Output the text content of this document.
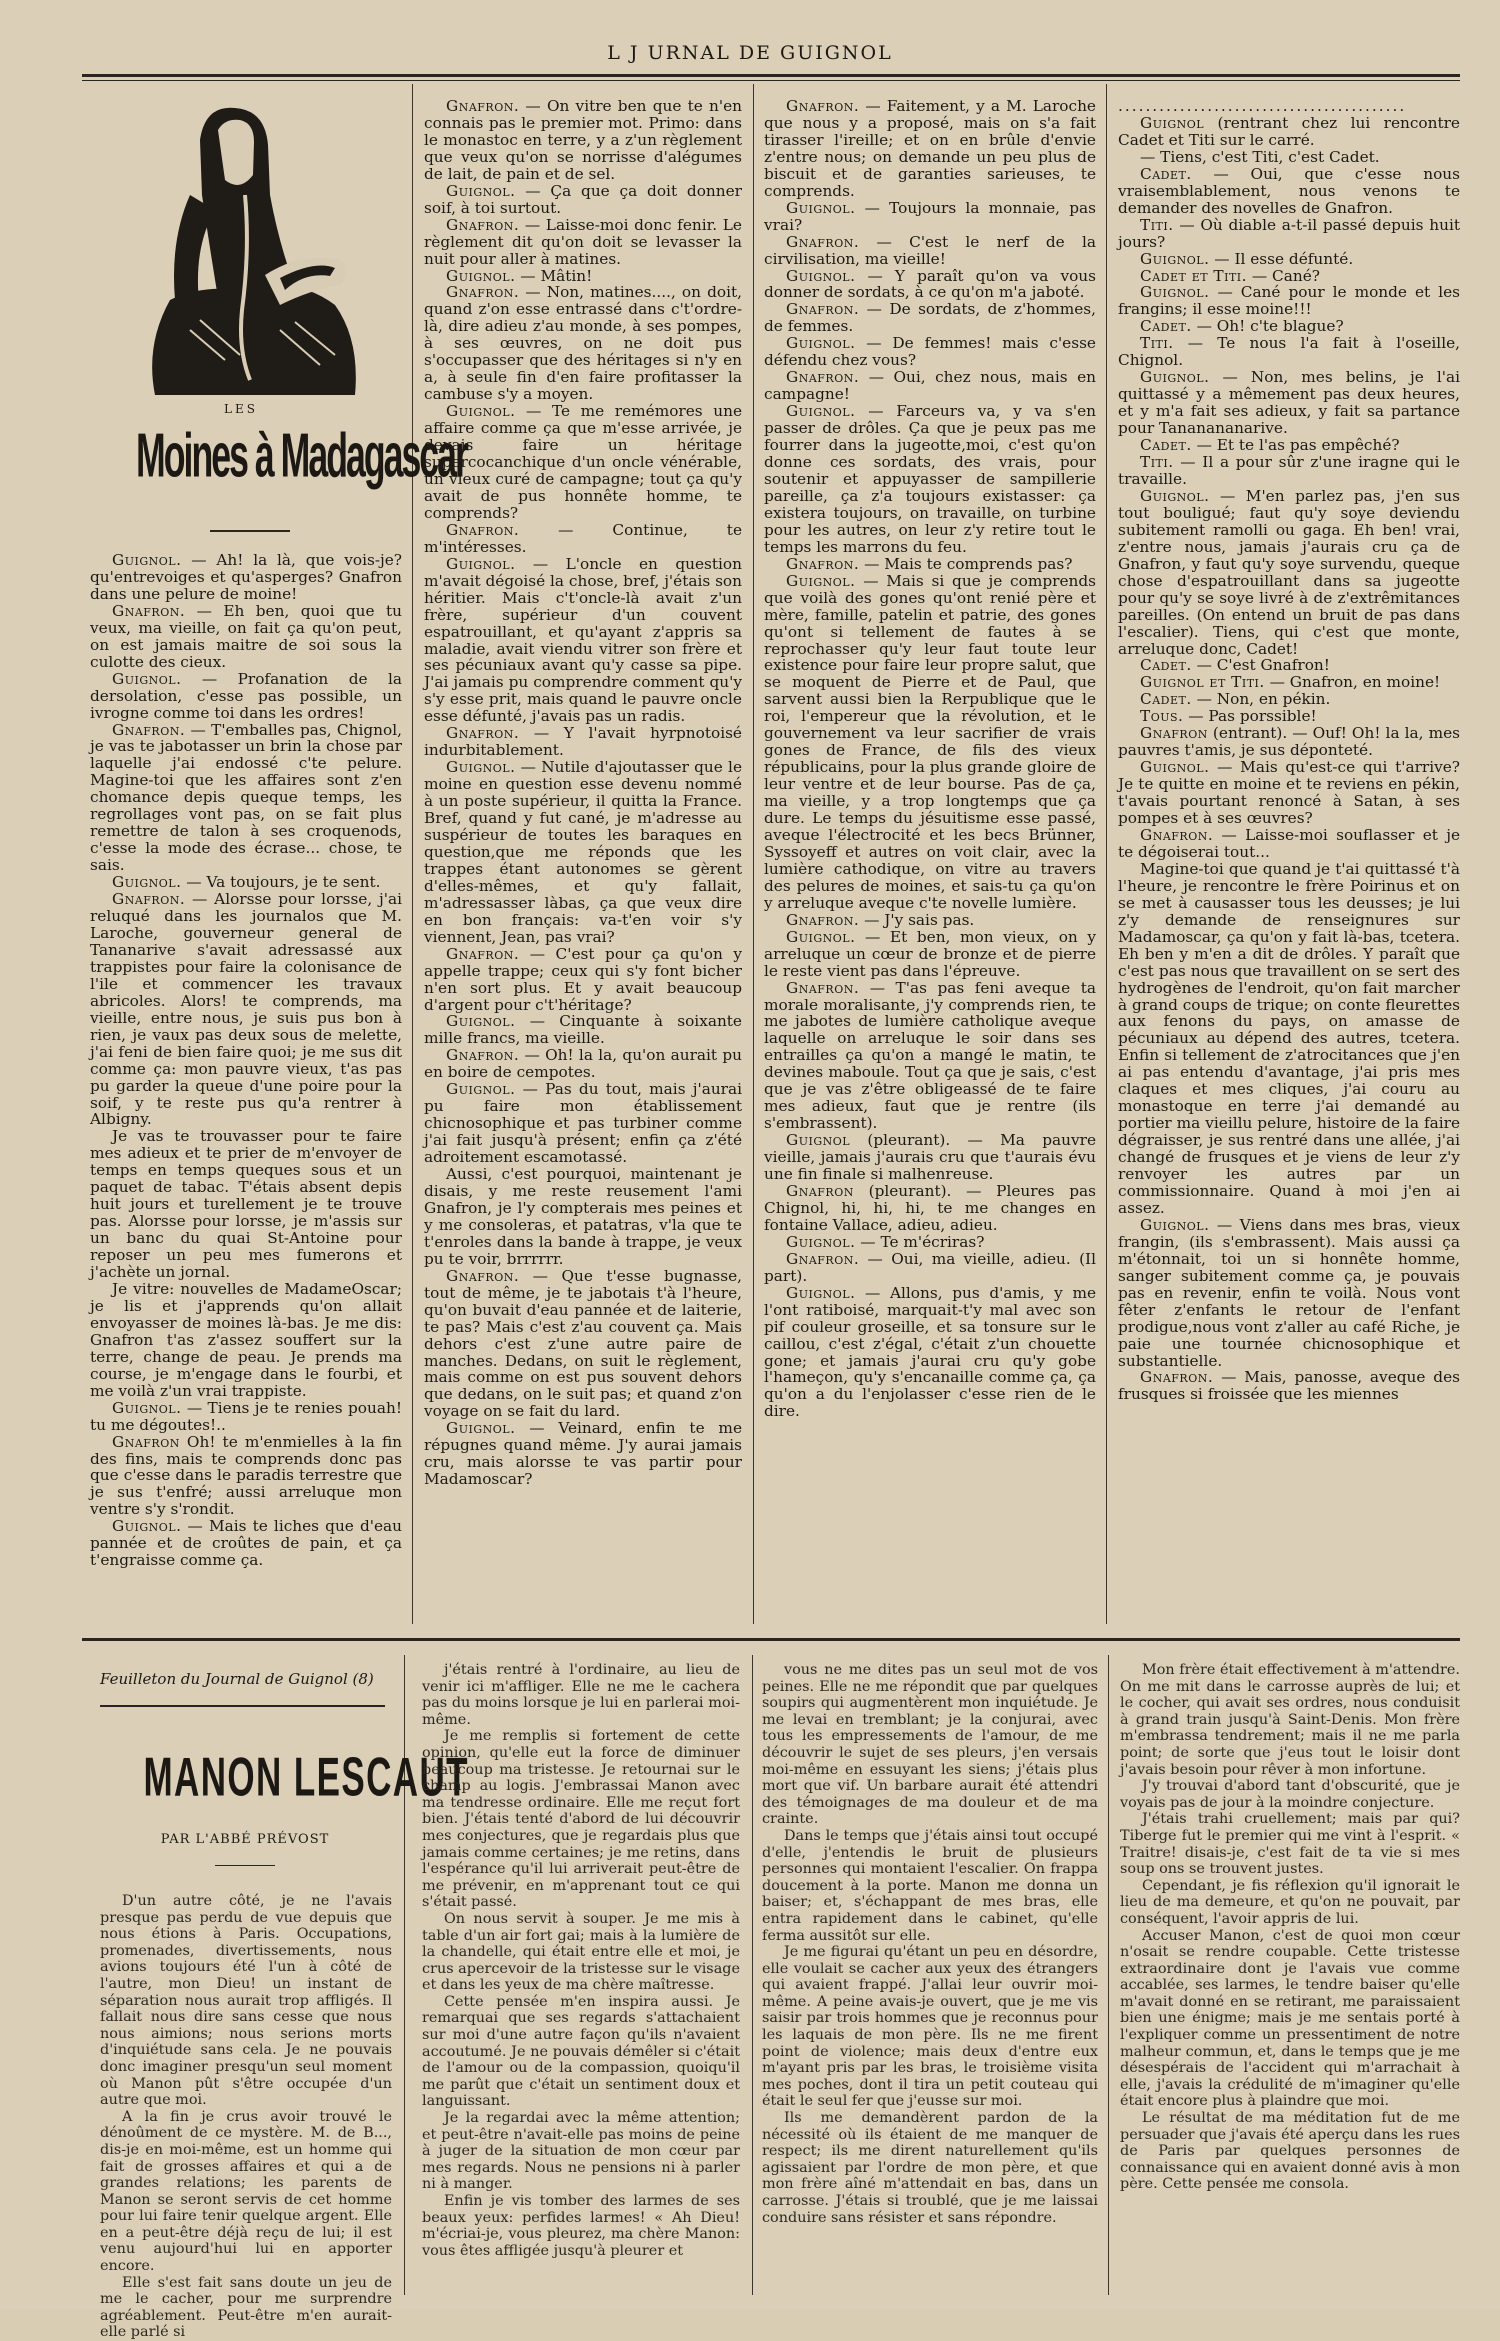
L J URNAL DE GUIGNOL
LES
Moines à Madagascar

Guignol. — Ah! la là, que vois-je? qu'entrevoiges et qu'asperges? Gnafron dans une pelure de moine!

Gnafron. — Eh ben, quoi que tu veux, ma vieille, on fait ça qu'on peut, on est jamais maitre de soi sous la culotte des cieux.

Guignol. — Profanation de la dersolation, c'esse pas possible, un ivrogne comme toi dans les ordres!

Gnafron. — T'emballes pas, Chignol, je vas te jabotasser un brin la chose par laquelle j'ai endossé c'te pelure. Magine-toi que les affaires sont z'en chomance depis queque temps, les regrollages vont pas, on se fait plus remettre de talon à ses croquenods, c'esse la mode des écrase... chose, te sais.

Guignol. — Va toujours, je te sent.

Gnafron. — Alorsse pour lorsse, j'ai reluqué dans les journalos que M. Laroche, gouverneur general de Tananarive s'avait adressassé aux trappistes pour faire la colonisance de l'ile et commencer les travaux abricoles. Alors! te comprends, ma vieille, entre nous, je suis pus bon à rien, je vaux pas deux sous de melette, j'ai feni de bien faire quoi; je me sus dit comme ça: mon pauvre vieux, t'as pas pu garder la queue d'une poire pour la soif, y te reste pus qu'a rentrer à Albigny.

Je vas te trouvasser pour te faire mes adieux et te prier de m'envoyer de temps en temps queques sous et un paquet de tabac. T'étais absent depis huit jours et turellement je te trouve pas. Alorsse pour lorsse, je m'assis sur un banc du quai St-Antoine pour reposer un peu mes fumerons et j'achète un jornal.

Je vitre: nouvelles de MadameOscar; je lis et j'apprends qu'on allait envoyasser de moines là-bas. Je me dis: Gnafron t'as z'assez souffert sur la terre, change de peau. Je prends ma course, je m'engage dans le fourbi, et me voilà z'un vrai trappiste.

Guignol. — Tiens je te renies pouah! tu me dégoutes!..

Gnafron Oh! te m'enmielles à la fin des fins, mais te comprends donc pas que c'esse dans le paradis terrestre que je sus t'enfré; aussi arreluque mon ventre s'y s'rondit.

Guignol. — Mais te liches que d'eau pannée et de croûtes de pain, et ça t'engraisse comme ça.

Gnafron. — On vitre ben que te n'en connais pas le premier mot. Primo: dans le monastoc en terre, y a z'un règlement que veux qu'on se norrisse d'alégumes de lait, de pain et de sel.

Guignol. — Ça que ça doit donner soif, à toi surtout.

Gnafron. — Laisse-moi donc fenir. Le règlement dit qu'on doit se levasser la nuit pour aller à matines.

Guignol. — Mâtin!

Gnafron. — Non, matines...., on doit, quand z'on esse entrassé dans c't'ordre-là, dire adieu z'au monde, à ses pompes, à ses œuvres, on ne doit pus s'occupasser que des héritages si n'y en a, à seule fin d'en faire profitasser la cambuse s'y a moyen.

Guignol. — Te me remémores une affaire comme ça que m'esse arrivée, je devais faire un héritage supercocanchique d'un oncle vénérable, un vieux curé de campagne; tout ça qu'y avait de pus honnête homme, te comprends?

Gnafron. — Continue, te m'intéresses.

Guignol. — L'oncle en question m'avait dégoisé la chose, bref, j'étais son héritier. Mais c't'oncle-là avait z'un frère, supérieur d'un couvent espatrouillant, et qu'ayant z'appris sa maladie, avait viendu vitrer son frère et ses pécuniaux avant qu'y casse sa pipe. J'ai jamais pu comprendre comment qu'y s'y esse prit, mais quand le pauvre oncle esse défunté, j'avais pas un radis.

Gnafron. — Y l'avait hyrpnotoisé indurbitablement.

Guignol. — Nutile d'ajoutasser que le moine en question esse devenu nommé à un poste supérieur, il quitta la France. Bref, quand y fut cané, je m'adresse au suspérieur de toutes les baraques en question,que me réponds que les trappes étant autonomes se gèrent d'elles-mêmes, et qu'y fallait, m'adressasser làbas, ça que veux dire en bon français: va-t'en voir s'y viennent, Jean, pas vrai?

Gnafron. — C'est pour ça qu'on y appelle trappe; ceux qui s'y font bicher n'en sort plus. Et y avait beaucoup d'argent pour c't'héritage?

Guignol. — Cinquante à soixante mille francs, ma vieille.

Gnafron. — Oh! la la, qu'on aurait pu en boire de cempotes.

Guignol. — Pas du tout, mais j'aurai pu faire mon établissement chicnosophique et pas turbiner comme j'ai fait jusqu'à présent; enfin ça z'été adroitement escamotassé.

Aussi, c'est pourquoi, maintenant je disais, y me reste reusement l'ami Gnafron, je l'y compterais mes peines et y me consoleras, et patatras, v'la que te t'enroles dans la bande à trappe, je veux pu te voir, brrrrrr.

Gnafron. — Que t'esse bugnasse, tout de même, je te jabotais t'à l'heure, qu'on buvait d'eau pannée et de laiterie, te pas? Mais c'est z'au couvent ça. Mais dehors c'est z'une autre paire de manches. Dedans, on suit le règlement, mais comme on est pus souvent dehors que dedans, on le suit pas; et quand z'on voyage on se fait du lard.

Guignol. — Veinard, enfin te me répugnes quand même. J'y aurai jamais cru, mais alorsse te vas partir pour Madamoscar?

Gnafron. — Faitement, y a M. Laroche que nous y a proposé, mais on s'a fait tirasser l'ireille; et on en brûle d'envie z'entre nous; on demande un peu plus de biscuit et de garanties sarieuses, te comprends.

Guignol. — Toujours la monnaie, pas vrai?

Gnafron. — C'est le nerf de la cirvilisation, ma vieille!

Guignol. — Y paraît qu'on va vous donner de sordats, à ce qu'on m'a jaboté.

Gnafron. — De sordats, de z'hommes, de femmes.

Guignol. — De femmes! mais c'esse défendu chez vous?

Gnafron. — Oui, chez nous, mais en campagne!

Guignol. — Farceurs va, y va s'en passer de drôles. Ça que je peux pas me fourrer dans la jugeotte,moi, c'est qu'on donne ces sordats, des vrais, pour soutenir et appuyasser de sampillerie pareille, ça z'a toujours existasser: ça existera toujours, on travaille, on turbine pour les autres, on leur z'y retire tout le temps les marrons du feu.

Gnafron. — Mais te comprends pas?

Guignol. — Mais si que je comprends que voilà des gones qu'ont renié père et mère, famille, patelin et patrie, des gones qu'ont si tellement de fautes à se reprochasser qu'y leur faut toute leur existence pour faire leur propre salut, que se moquent de Pierre et de Paul, que sarvent aussi bien la Rerpublique que le roi, l'empereur que la révolution, et le gouvernement va leur sacrifier de vrais gones de France, de fils des vieux républicains, pour la plus grande gloire de leur ventre et de leur bourse. Pas de ça, ma vieille, y a trop longtemps que ça dure. Le temps du jésuitisme esse passé, aveque l'électrocité et les becs Brünner, Syssoyeff et autres on voit clair, avec la lumière cathodique, on vitre au travers des pelures de moines, et sais-tu ça qu'on y arreluque aveque c'te novelle lumière.

Gnafron. — J'y sais pas.

Guignol. — Et ben, mon vieux, on y arreluque un cœur de bronze et de pierre le reste vient pas dans l'épreuve.

Gnafron. — T'as pas feni aveque ta morale moralisante, j'y comprends rien, te me jabotes de lumière catholique aveque laquelle on arreluque le soir dans ses entrailles ça qu'on a mangé le matin, te devines maboule. Tout ça que je sais, c'est que je vas z'être obligeassé de te faire mes adieux, faut que je rentre (ils s'embrassent).

Guignol (pleurant). — Ma pauvre vieille, jamais j'aurais cru que t'aurais évu une fin finale si malhenreuse.

Gnafron (pleurant). — Pleures pas Chignol, hi, hi, hi, te me changes en fontaine Vallace, adieu, adieu.

Guignol. — Te m'écriras?

Gnafron. — Oui, ma vieille, adieu. (Il part).

Guignol. — Allons, pus d'amis, y me l'ont ratiboisé, marquait-t'y mal avec son pif couleur groseille, et sa tonsure sur le caillou, c'est z'égal, c'était z'un chouette gone; et jamais j'aurai cru qu'y gobe l'hameçon, qu'y s'encanaille comme ça, ça qu'on a du l'enjolasser c'esse rien de le dire.

..........................................

Guignol (rentrant chez lui rencontre Cadet et Titi sur le carré.

— Tiens, c'est Titi, c'est Cadet.

Cadet. — Oui, que c'esse nous vraisemblablement, nous venons te demander des novelles de Gnafron.

Titi. — Où diable a-t-il passé depuis huit jours?

Guignol. — Il esse défunté.

Cadet et Titi. — Cané?

Guignol. — Cané pour le monde et les frangins; il esse moine!!!

Cadet. — Oh! c'te blague?

Titi. — Te nous l'a fait à l'oseille, Chignol.

Guignol. — Non, mes belins, je l'ai quittassé y a mêmement pas deux heures, et y m'a fait ses adieux, y fait sa partance pour Tananananarive.

Cadet. — Et te l'as pas empêché?

Titi. — Il a pour sûr z'une iragne qui le travaille.

Guignol. — M'en parlez pas, j'en sus tout bouligué; faut qu'y soye deviendu subitement ramolli ou gaga. Eh ben! vrai, z'entre nous, jamais j'aurais cru ça de Gnafron, y faut qu'y soye survendu, queque chose d'espatrouillant dans sa jugeotte pour qu'y se soye livré à de z'extrêmitances pareilles. (On entend un bruit de pas dans l'escalier). Tiens, qui c'est que monte, arreluque donc, Cadet!

Cadet. — C'est Gnafron!

Guignol et Titi. — Gnafron, en moine!

Cadet. — Non, en pékin.

Tous. — Pas porssible!

Gnafron (entrant). — Ouf! Oh! la la, mes pauvres t'amis, je sus déponteté.

Guignol. — Mais qu'est-ce qui t'arrive? Je te quitte en moine et te reviens en pékin, t'avais pourtant renoncé à Satan, à ses pompes et à ses œuvres?

Gnafron. — Laisse-moi souflasser et je te dégoiserai tout...

Magine-toi que quand je t'ai quittassé t'à l'heure, je rencontre le frère Poirinus et on se met à causasser tous les deusses; je lui z'y demande de renseignures sur Madamoscar, ça qu'on y fait là-bas, tcetera. Eh ben y m'en a dit de drôles. Y paraît que c'est pas nous que travaillent on se sert des hydrogènes de l'endroit, qu'on fait marcher à grand coups de trique; on conte fleurettes aux fenons du pays, on amasse de pécuniaux au dépend des autres, tcetera. Enfin si tellement de z'atrocitances que j'en ai pas entendu d'avantage, j'ai pris mes claques et mes cliques, j'ai couru au monastoque en terre j'ai demandé au portier ma vieillu pelure, histoire de la faire dégraisser, je sus rentré dans une allée, j'ai changé de frusques et je viens de leur z'y renvoyer les autres par un commissionnaire. Quand à moi j'en ai assez.

Guignol. — Viens dans mes bras, vieux frangin, (ils s'embrassent). Mais aussi ça m'étonnait, toi un si honnête homme, sanger subitement comme ça, je pouvais pas en revenir, enfin te voilà. Nous vont fêter z'enfants le retour de l'enfant prodigue,nous vont z'aller au café Riche, je paie une tournée chicnosophique et substantielle.

Gnafron. — Mais, panosse, aveque des frusques si froissée que les miennes

Feuilleton du Journal de Guignol (8)
MANON LESCAUT
PAR L'ABBÉ PRÉVOST

D'un autre côté, je ne l'avais presque pas perdu de vue depuis que nous étions à Paris. Occupations, promenades, divertissements, nous avions toujours été l'un à côté de l'autre, mon Dieu! un instant de séparation nous aurait trop affligés. Il fallait nous dire sans cesse que nous nous aimions; nous serions morts d'inquiétude sans cela. Je ne pouvais donc imaginer presqu'un seul moment où Manon pût s'être occupée d'un autre que moi.

A la fin je crus avoir trouvé le dénoûment de ce mystère. M. de B..., dis-je en moi-même, est un homme qui fait de grosses affaires et qui a de grandes relations; les parents de Manon se seront servis de cet homme pour lui faire tenir quelque argent. Elle en a peut-être déjà reçu de lui; il est venu aujourd'hui lui en apporter encore.

Elle s'est fait sans doute un jeu de me le cacher, pour me surprendre agréablement. Peut-être m'en aurait-elle parlé si

j'étais rentré à l'ordinaire, au lieu de venir ici m'affliger. Elle ne me le cachera pas du moins lorsque je lui en parlerai moi-même.

Je me remplis si fortement de cette opinion, qu'elle eut la force de diminuer beaucoup ma tristesse. Je retournai sur le champ au logis. J'embrassai Manon avec ma tendresse ordinaire. Elle me reçut fort bien. J'étais tenté d'abord de lui découvrir mes conjectures, que je regardais plus que jamais comme certaines; je me retins, dans l'espérance qu'il lui arriverait peut-être de me prévenir, en m'apprenant tout ce qui s'était passé.

On nous servit à souper. Je me mis à table d'un air fort gai; mais à la lumière de la chandelle, qui était entre elle et moi, je crus apercevoir de la tristesse sur le visage et dans les yeux de ma chère maîtresse.

Cette pensée m'en inspira aussi. Je remarquai que ses regards s'attachaient sur moi d'une autre façon qu'ils n'avaient accoutumé. Je ne pouvais démêler si c'était de l'amour ou de la compassion, quoiqu'il me parût que c'était un sentiment doux et languissant.

Je la regardai avec la même attention; et peut-être n'avait-elle pas moins de peine à juger de la situation de mon cœur par mes regards. Nous ne pensions ni à parler ni à manger.

Enfin je vis tomber des larmes de ses beaux yeux: perfides larmes! « Ah Dieu! m'écriai-je, vous pleurez, ma chère Manon: vous êtes affligée jusqu'à pleurer et

vous ne me dites pas un seul mot de vos peines. Elle ne me répondit que par quelques soupirs qui augmentèrent mon inquiétude. Je me levai en tremblant; je la conjurai, avec tous les empressements de l'amour, de me découvrir le sujet de ses pleurs, j'en versais moi-même en essuyant les siens; j'étais plus mort que vif. Un barbare aurait été attendri des témoignages de ma douleur et de ma crainte.

Dans le temps que j'étais ainsi tout occupé d'elle, j'entendis le bruit de plusieurs personnes qui montaient l'escalier. On frappa doucement à la porte. Manon me donna un baiser; et, s'échappant de mes bras, elle entra rapidement dans le cabinet, qu'elle ferma aussitôt sur elle.

Je me figurai qu'étant un peu en désordre, elle voulait se cacher aux yeux des étrangers qui avaient frappé. J'allai leur ouvrir moi-même. A peine avais-je ouvert, que je me vis saisir par trois hommes que je reconnus pour les laquais de mon père. Ils ne me firent point de violence; mais deux d'entre eux m'ayant pris par les bras, le troisième visita mes poches, dont il tira un petit couteau qui était le seul fer que j'eusse sur moi.

Ils me demandèrent pardon de la nécessité où ils étaient de me manquer de respect; ils me dirent naturellement qu'ils agissaient par l'ordre de mon père, et que mon frère aîné m'attendait en bas, dans un carrosse. J'étais si troublé, que je me laissai conduire sans résister et sans répondre.

Mon frère était effectivement à m'attendre. On me mit dans le carrosse auprès de lui; et le cocher, qui avait ses ordres, nous conduisit à grand train jusqu'à Saint-Denis. Mon frère m'embrassa tendrement; mais il ne me parla point; de sorte que j'eus tout le loisir dont j'avais besoin pour rêver à mon infortune.

J'y trouvai d'abord tant d'obscurité, que je voyais pas de jour à la moindre conjecture.

J'étais trahi cruellement; mais par qui? Tiberge fut le premier qui me vint à l'esprit. « Traitre! disais-je, c'est fait de ta vie si mes soup ons se trouvent justes.

Cependant, je fis réflexion qu'il ignorait le lieu de ma demeure, et qu'on ne pouvait, par conséquent, l'avoir appris de lui.

Accuser Manon, c'est de quoi mon cœur n'osait se rendre coupable. Cette tristesse extraordinaire dont je l'avais vue comme accablée, ses larmes, le tendre baiser qu'elle m'avait donné en se retirant, me paraissaient bien une énigme; mais je me sentais porté à l'expliquer comme un pressentiment de notre malheur commun, et, dans le temps que je me désespérais de l'accident qui m'arrachait à elle, j'avais la crédulité de m'imaginer qu'elle était encore plus à plaindre que moi.

Le résultat de ma méditation fut de me persuader que j'avais été aperçu dans les rues de Paris par quelques personnes de connaissance qui en avaient donné avis à mon père. Cette pensée me consola.
